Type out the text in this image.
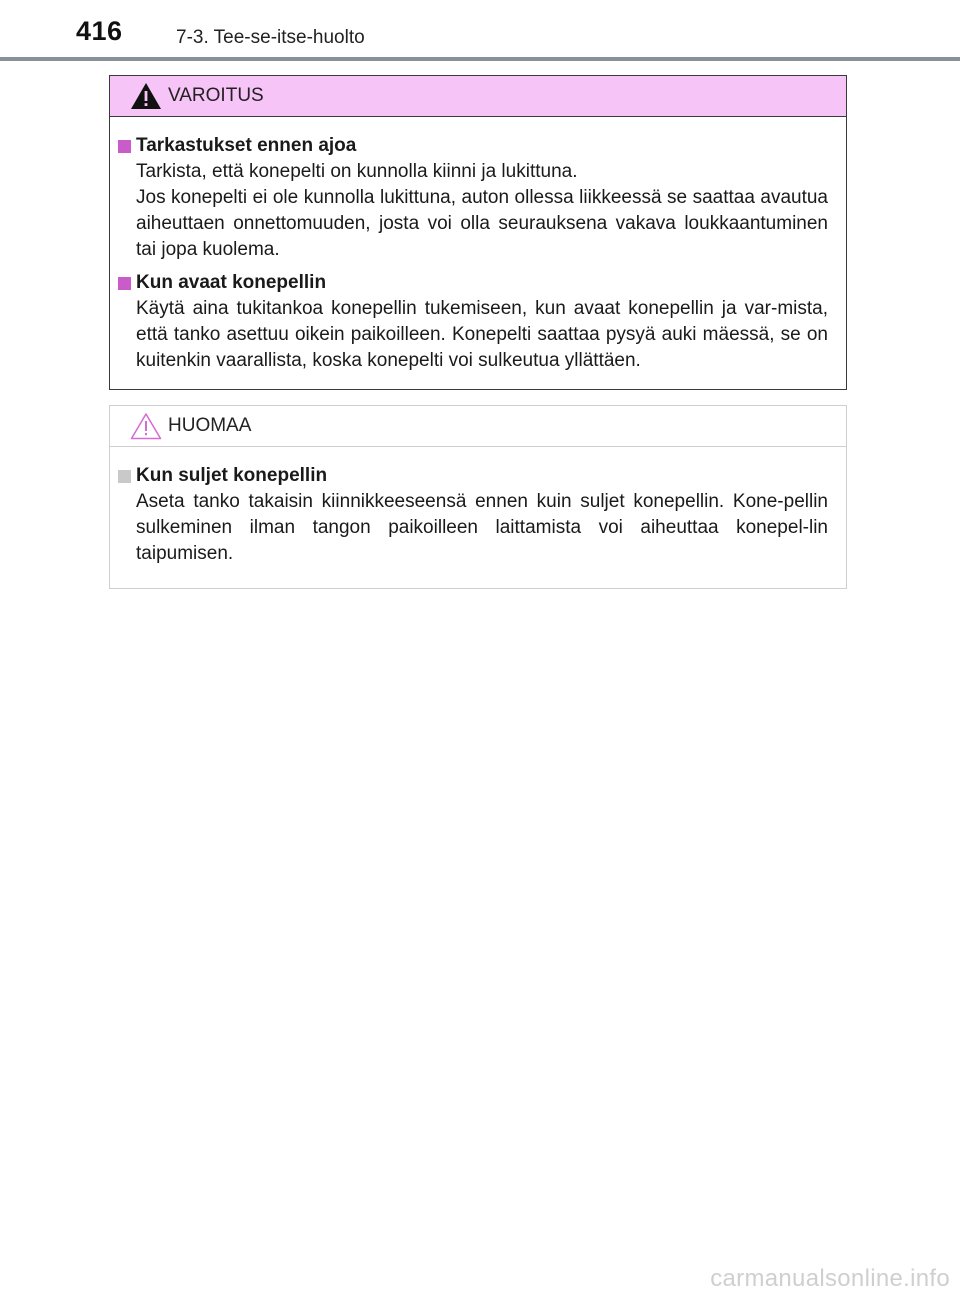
416	7-3. Tee-se-itse-huolto
VAROITUS
Tarkastukset ennen ajoa

Tarkista, että konepelti on kunnolla kiinni ja lukittuna.

Jos konepelti ei ole kunnolla lukittuna, auton ollessa liikkeessä se saattaa avautua aiheuttaen onnettomuuden, josta voi olla seurauksena vakava loukkaantuminen tai jopa kuolema.

Kun avaat konepellin

Käytä aina tukitankoa konepellin tukemiseen, kun avaat konepellin ja var-mista, että tanko asettuu oikein paikoilleen. Konepelti saattaa pysyä auki mäessä, se on kuitenkin vaarallista, koska konepelti voi sulkeutua yllättäen.

HUOMAA
Kun suljet konepellin

Aseta tanko takaisin kiinnikkeeseensä ennen kuin suljet konepellin. Kone-pellin sulkeminen ilman tangon paikoilleen laittamista voi aiheuttaa konepel-lin taipumisen.

carmanualsonline.info
